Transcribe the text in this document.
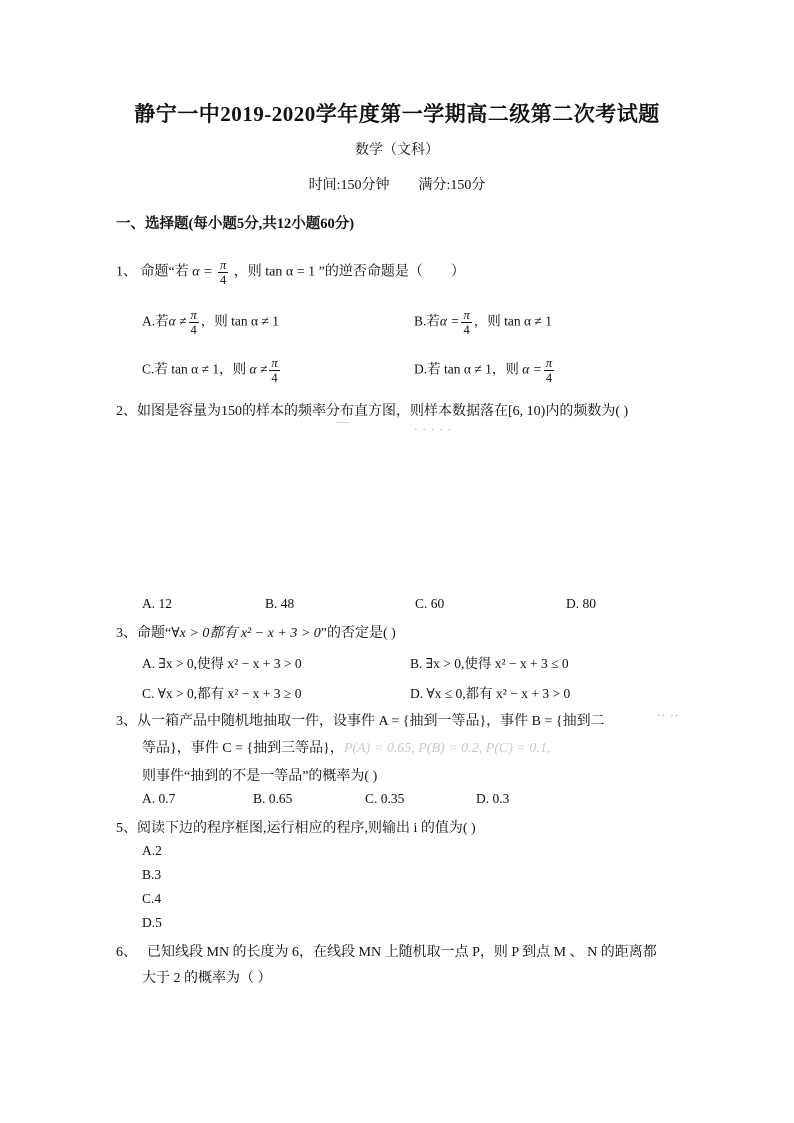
静宁一中2019-2020学年度第一学期高二级第二次考试题
数学（文科）
时间:150分钟 满分:150分
一、选择题(每小题5分,共12小题60分)
1、 命题“若 $\alpha = \frac{\pi}{4}$ ，则 tan α = 1 ”的逆否命题是（　　）
A.若$\alpha \ne \frac{\pi}{4}$ ，则 tan α ≠ 1	B.若$\alpha = \frac{\pi}{4}$ ，则 tan α ≠ 1
C.若 tan α ≠ 1，则 $\alpha \ne \frac{\pi}{4}$	D.若 tan α ≠ 1，则 $\alpha = \frac{\pi}{4}$
2、如图是容量为150的样本的频率分布直方图，则样本数据落在[6, 10)内的频数为( )
‾‾‾	· · · · ·
A. 12	B. 48	C. 60	D. 80
3、命题“∀x > 0都有 x² − x + 3 > 0”的否定是( )
A. ∃x > 0,使得 x² − x + 3 > 0	B. ∃x > 0,使得 x² − x + 3 ≤ 0
C. ∀x > 0,都有 x² − x + 3 ≥ 0	D. ∀x ≤ 0,都有 x² − x + 3 > 0
3、从一箱产品中随机地抽取一件，设事件 A = {抽到一等品}，事件 B = {抽到二	·· ··
等品}，事件 C = {抽到三等品}，P(A) = 0.65, P(B) = 0.2, P(C) = 0.1,
则事件“抽到的不是一等品”的概率为( )
A. 0.7	B. 0.65	C. 0.35	D. 0.3
5、阅读下边的程序框图,运行相应的程序,则输出 i 的值为( )
A.2
B.3
C.4
D.5
6、 已知线段 MN 的长度为 6，在线段 MN 上随机取一点 P，则 P 到点 M 、 N 的距离都
大于 2 的概率为（ ）
